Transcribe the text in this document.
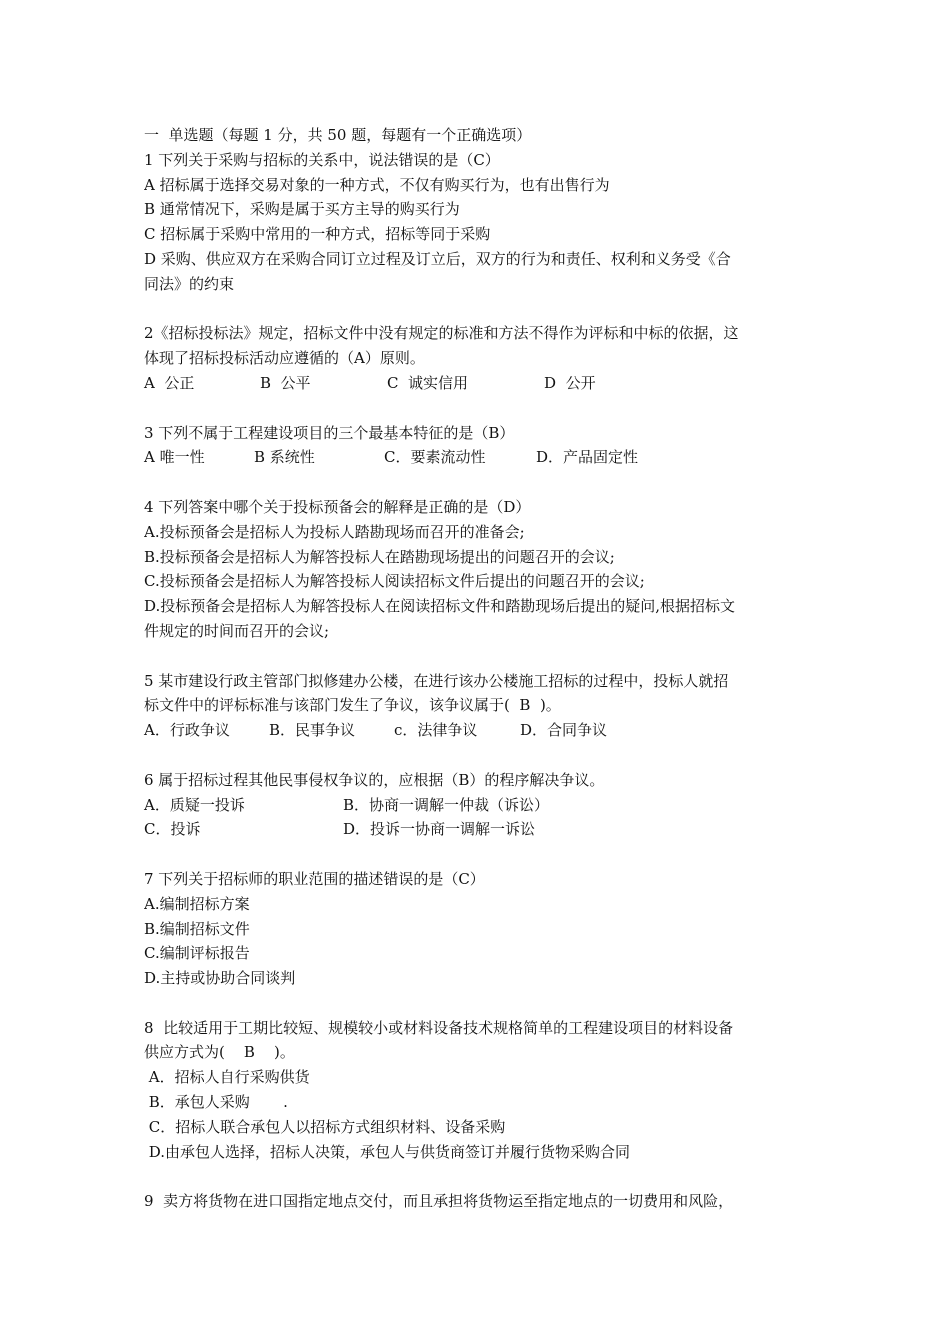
一  单选题（每题 1 分，共 50 题，每题有一个正确选项）
1 下列关于采购与招标的关系中，说法错误的是（C）
A 招标属于选择交易对象的一种方式，不仅有购买行为，也有出售行为
B 通常情况下，采购是属于买方主导的购买行为
C 招标属于采购中常用的一种方式，招标等同于采购
D 采购、供应双方在采购合同订立过程及订立后，双方的行为和责任、权利和义务受《合
同法》的约束
2《招标投标法》规定，招标文件中没有规定的标准和方法不得作为评标和中标的依据，这
体现了招标投标活动应遵循的（A）原则。

A  公正

	B  公平

	C  诚实信用

	D  公开

3 下列不属于工程建设项目的三个最基本特征的是（B）

A 唯一性

	B 系统性

	C．要素流动性

	D．产品固定性

4 下列答案中哪个关于投标预备会的解释是正确的是（D）
A.投标预备会是招标人为投标人踏勘现场而召开的准备会;
B.投标预备会是招标人为解答投标人在踏勘现场提出的问题召开的会议;
C.投标预备会是招标人为解答投标人阅读招标文件后提出的问题召开的会议;
D.投标预备会是招标人为解答投标人在阅读招标文件和踏勘现场后提出的疑问,根据招标文
件规定的时间而召开的会议;
5 某市建设行政主管部门拟修建办公楼，在进行该办公楼施工招标的过程中，投标人就招
标文件中的评标标准与该部门发生了争议，该争议属于(  B  )。

A．行政争议

	B．民事争议

	c．法律争议

	D．合同争议

6 属于招标过程其他民事侵权争议的，应根据（B）的程序解决争议。

A．质疑一投诉

	B．协商一调解一仲裁（诉讼）

C．投诉

	D．投诉一协商一调解一诉讼

7 下列关于招标师的职业范围的描述错误的是（C）
A.编制招标方案
B.编制招标文件
C.编制评标报告
D.主持或协助合同谈判
8  比较适用于工期比较短、规模较小或材料设备技术规格简单的工程建设项目的材料设备
供应方式为(    B    )。
A．招标人自行采购供货
B．承包人采购       .
C．招标人联合承包人以招标方式组织材料、设备采购
D.由承包人选择，招标人决策，承包人与供货商签订并履行货物采购合同
9  卖方将货物在进口国指定地点交付，而且承担将货物运至指定地点的一切费用和风险，
